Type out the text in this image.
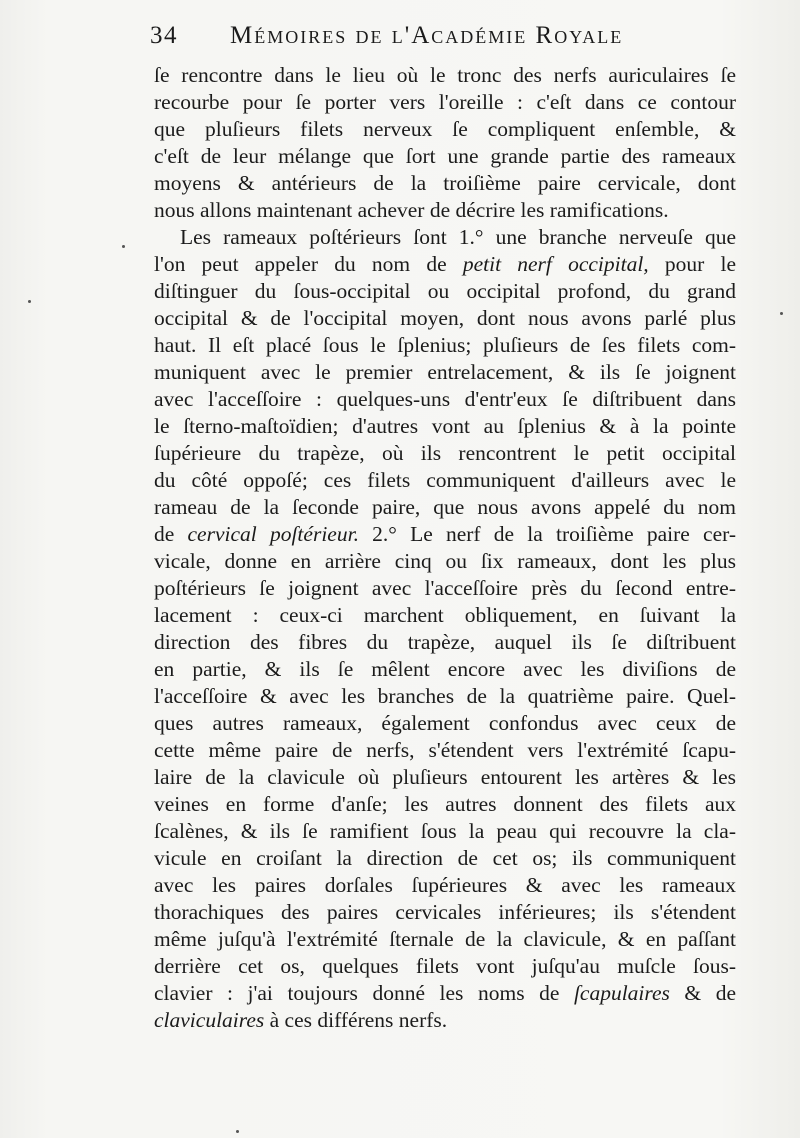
34 Mémoires de l'Académie Royale
ſe rencontre dans le lieu où le tronc des nerfs auriculaires ſe
recourbe pour ſe porter vers l'oreille : c'eſt dans ce contour
que pluſieurs filets nerveux ſe compliquent enſemble, &
c'eſt de leur mélange que ſort une grande partie des rameaux
moyens & antérieurs de la troiſième paire cervicale, dont
nous allons maintenant achever de décrire les ramifications.
Les rameaux poſtérieurs ſont 1.° une branche nerveuſe que
l'on peut appeler du nom de petit nerf occipital, pour le
diſtinguer du ſous-occipital ou occipital profond, du grand
occipital & de l'occipital moyen, dont nous avons parlé plus
haut. Il eſt placé ſous le ſplenius; pluſieurs de ſes filets com-
muniquent avec le premier entrelacement, & ils ſe joignent
avec l'acceſſoire : quelques-uns d'entr'eux ſe diſtribuent dans
le ſterno-maſtoïdien; d'autres vont au ſplenius & à la pointe
ſupérieure du trapèze, où ils rencontrent le petit occipital
du côté oppoſé; ces filets communiquent d'ailleurs avec le
rameau de la ſeconde paire, que nous avons appelé du nom
de cervical poſtérieur. 2.° Le nerf de la troiſième paire cer-
vicale, donne en arrière cinq ou ſix rameaux, dont les plus
poſtérieurs ſe joignent avec l'acceſſoire près du ſecond entre-
lacement : ceux-ci marchent obliquement, en ſuivant la
direction des fibres du trapèze, auquel ils ſe diſtribuent
en partie, & ils ſe mêlent encore avec les diviſions de
l'acceſſoire & avec les branches de la quatrième paire. Quel-
ques autres rameaux, également confondus avec ceux de
cette même paire de nerfs, s'étendent vers l'extrémité ſcapu-
laire de la clavicule où pluſieurs entourent les artères & les
veines en forme d'anſe; les autres donnent des filets aux
ſcalènes, & ils ſe ramifient ſous la peau qui recouvre la cla-
vicule en croiſant la direction de cet os; ils communiquent
avec les paires dorſales ſupérieures & avec les rameaux
thorachiques des paires cervicales inférieures; ils s'étendent
même juſqu'à l'extrémité ſternale de la clavicule, & en paſſant
derrière cet os, quelques filets vont juſqu'au muſcle ſous-
clavier : j'ai toujours donné les noms de ſcapulaires & de
claviculaires à ces différens nerfs.
